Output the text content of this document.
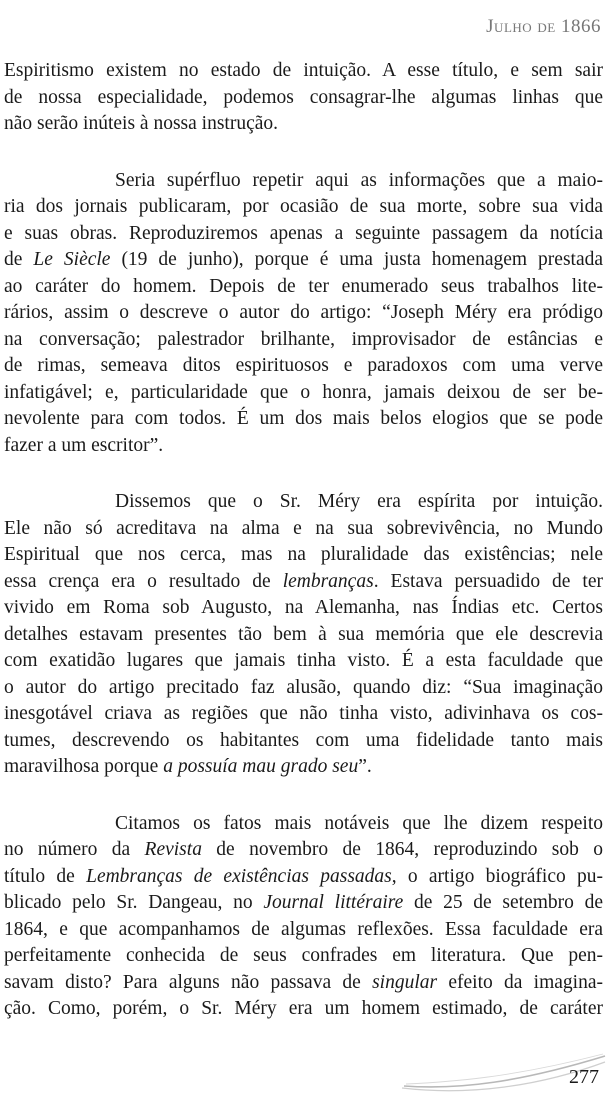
Julho de 1866

Espiritismo existem no estado de intuição. A esse título, e sem sair
de nossa especialidade, podemos consagrar-lhe algumas linhas que
não serão inúteis à nossa instrução.

Seria supérfluo repetir aqui as informações que a maio-
ria dos jornais publicaram, por ocasião de sua morte, sobre sua vida
e suas obras. Reproduziremos apenas a seguinte passagem da notícia
de Le Siècle (19 de junho), porque é uma justa homenagem prestada
ao caráter do homem. Depois de ter enumerado seus trabalhos lite-
rários, assim o descreve o autor do artigo: “Joseph Méry era pródigo
na conversação; palestrador brilhante, improvisador de estâncias e
de rimas, semeava ditos espirituosos e paradoxos com uma verve
infatigável; e, particularidade que o honra, jamais deixou de ser be-
nevolente para com todos. É um dos mais belos elogios que se pode
fazer a um escritor”.

Dissemos que o Sr. Méry era espírita por intuição.
Ele não só acreditava na alma e na sua sobrevivência, no Mundo
Espiritual que nos cerca, mas na pluralidade das existências; nele
essa crença era o resultado de lembranças. Estava persuadido de ter
vivido em Roma sob Augusto, na Alemanha, nas Índias etc. Certos
detalhes estavam presentes tão bem à sua memória que ele descrevia
com exatidão lugares que jamais tinha visto. É a esta faculdade que
o autor do artigo precitado faz alusão, quando diz: “Sua imaginação
inesgotável criava as regiões que não tinha visto, adivinhava os cos-
tumes, descrevendo os habitantes com uma fidelidade tanto mais
maravilhosa porque a possuía mau grado seu”.

Citamos os fatos mais notáveis que lhe dizem respeito
no número da Revista de novembro de 1864, reproduzindo sob o
título de Lembranças de existências passadas, o artigo biográfico pu-
blicado pelo Sr. Dangeau, no Journal littéraire de 25 de setembro de
1864, e que acompanhamos de algumas reflexões. Essa faculdade era
perfeitamente conhecida de seus confrades em literatura. Que pen-
savam disto? Para alguns não passava de singular efeito da imagina-
ção. Como, porém, o Sr. Méry era um homem estimado, de caráter

277
